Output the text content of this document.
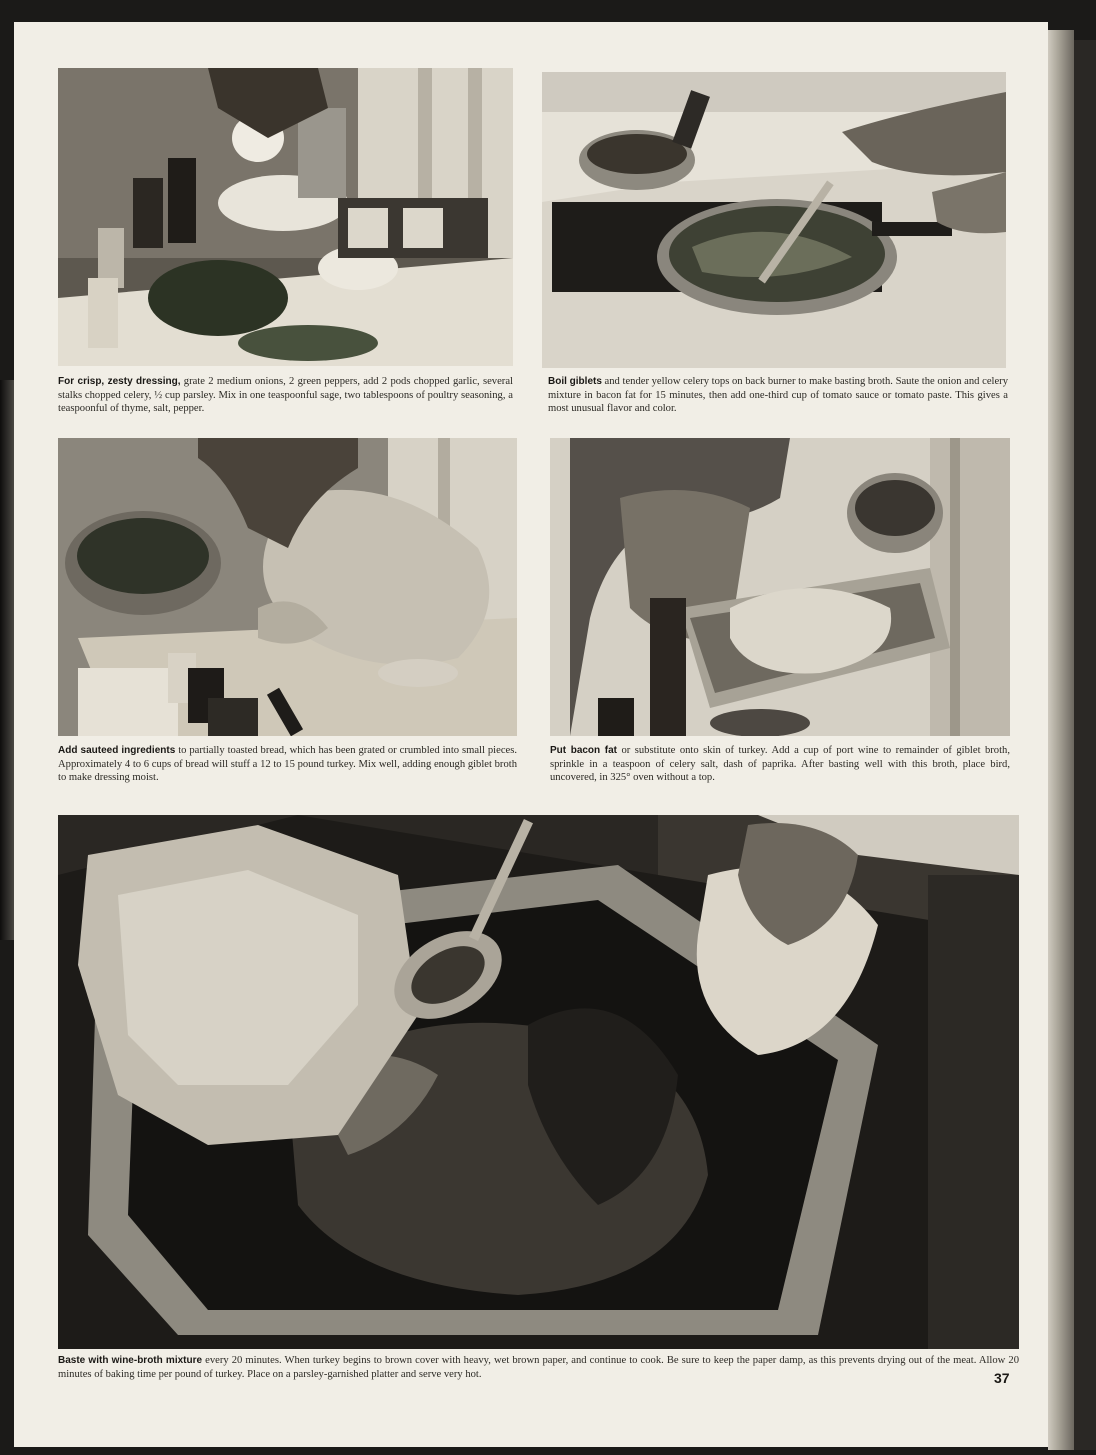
For crisp, zesty dressing, grate 2 medium onions, 2 green peppers, add 2 pods chopped garlic, several stalks chopped celery, ½ cup parsley. Mix in one teaspoonful sage, two tablespoons of poultry seasoning, a teaspoonful of thyme, salt, pepper.

Boil giblets and tender yellow celery tops on back burner to make basting broth. Saute the onion and celery mixture in bacon fat for 15 minutes, then add one-third cup of tomato sauce or tomato paste. This gives a most unusual flavor and color.

Add sauteed ingredients to partially toasted bread, which has been grated or crumbled into small pieces. Approximately 4 to 6 cups of bread will stuff a 12 to 15 pound turkey. Mix well, adding enough giblet broth to make dressing moist.

Put bacon fat or substitute onto skin of turkey. Add a cup of port wine to remainder of giblet broth, sprinkle in a teaspoon of celery salt, dash of paprika. After basting well with this broth, place bird, uncovered, in 325° oven without a top.

Baste with wine-broth mixture every 20 minutes. When turkey begins to brown cover with heavy, wet brown paper, and continue to cook. Be sure to keep the paper damp, as this prevents drying out of the meat. Allow 20 minutes of baking time per pound of turkey. Place on a parsley-garnished platter and serve very hot.	37
